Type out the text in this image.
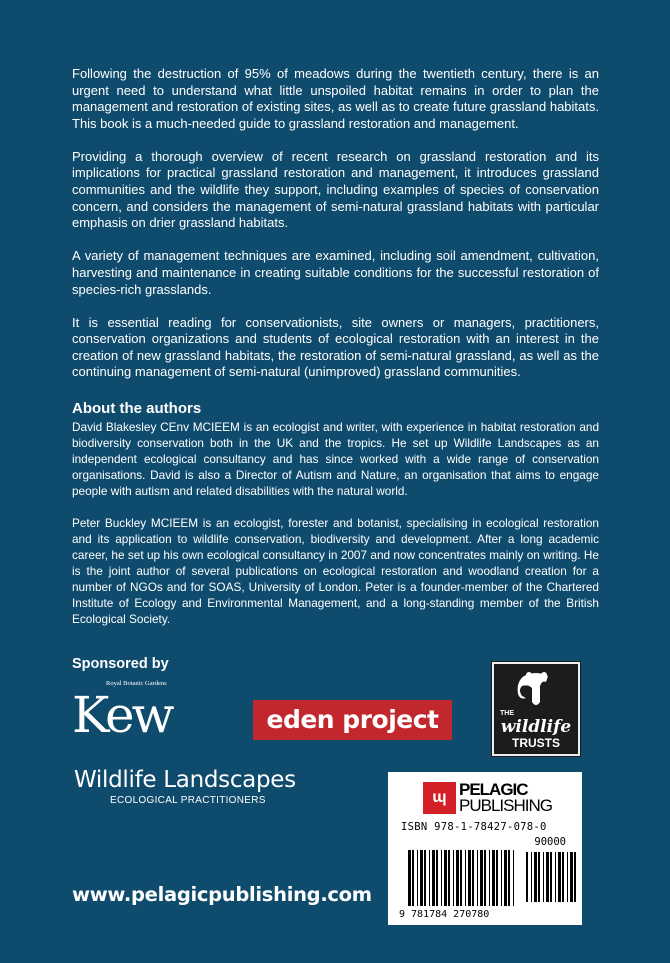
Following the destruction of 95% of meadows during the twentieth century, there is an urgent need to understand what little unspoiled habitat remains in order to plan the management and restoration of existing sites, as well as to create future grassland habitats. This book is a much-needed guide to grassland restoration and management.

Providing a thorough overview of recent research on grassland restoration and its implications for practical grassland restoration and management, it introduces grassland communities and the wildlife they support, including examples of species of conservation concern, and considers the management of semi-natural grassland habitats with particular emphasis on drier grassland habitats.

A variety of management techniques are examined, including soil amendment, cultivation, harvesting and maintenance in creating suitable conditions for the successful restoration of species-rich grasslands.

It is essential reading for conservationists, site owners or managers, practitioners, conservation organizations and students of ecological restoration with an interest in the creation of new grassland habitats, the restoration of semi-natural grassland, as well as the continuing management of semi-natural (unimproved) grassland communities.

About the authors

David Blakesley CEnv MCIEEM is an ecologist and writer, with experience in habitat restoration and biodiversity conservation both in the UK and the tropics. He set up Wildlife Landscapes as an independent ecological consultancy and has since worked with a wide range of conservation organisations. David is also a Director of Autism and Nature, an organisation that aims to engage people with autism and related disabilities with the natural world.

Peter Buckley MCIEEM is an ecologist, forester and botanist, specialising in ecological restoration and its application to wildlife conservation, biodiversity and development. After a long academic career, he set up his own ecological consultancy in 2007 and now concentrates mainly on writing. He is the joint author of several publications on ecological restoration and woodland creation for a number of NGOs and for SOAS, University of London. Peter is a founder-member of the Chartered Institute of Ecology and Environmental Management, and a long-standing member of the British Ecological Society.

Sponsored by
Royal Botanic Gardens
Kew	eden project	THE
wildlife
TRUSTS
Wildlife Landscapes
ECOLOGICAL PRACTITIONERS
www.pelagicpublishing.com
ɰ PELAGIC
PUBLISHING
ISBN 978-1-78427-078-0
90000
9 781784 270780
